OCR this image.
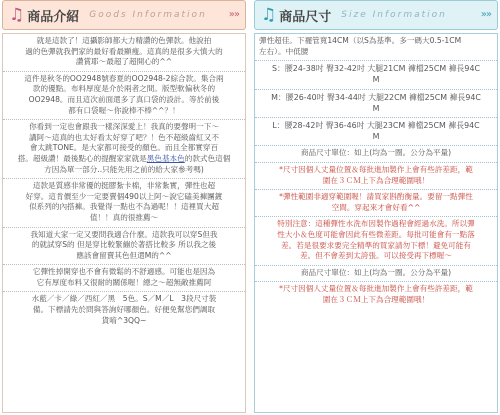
♫ 商品介紹 Goods Information »»

就是這款了！這攝影師都大力精讚的色彈款。他說拍

過的色彈就我們家的最好看最顯瘦。這真的是很多大慎大的

讚賞耶～最超了超開心的^^

這件是秋冬的OO2948號春夏的OO2948-2綜合款。集合兩

款的優點。布料厚度是介於兩者之間。版型軟偏秋冬的

OO2948。而且這次前面還多了真口袋的設計。等於前後

都有口袋喔～你說棒不棒^^？！

你看到一定也會跟我一樣深深愛上！我真的要聲明一下～

講阿～這真的也太好看太好穿了吧？！色不超級齒紅又不

會太跳TONE。是大家都可接受的顏色。而且全都實穿百

搭。超級讚！最後點心的提醒家家就是黑色基本色的款式色這個

方因為單一部分..只能先用之前的給大家參考嗎)

這款是質感非常優的挺膠紮卡棉，非常紮實，彈性也超

好穿。這肯價至少一定要賣個490以上阿～說它磕美褲團鍍

似系列的內搭褲。我覺得一點也不為過呢！！這裡買大超

值！！真的很推薦～

我知道大家一定又要問我適合什麼。這款我可以穿S但我

的就試穿S的 但是穿比較緊繃於著搭比較多 所以我之後

應該會留賣其色但還M的^^

它彈性掉開穿也不會有微鬆的不舒適感。可能也是因為

它有厚度布料又很耐的關係喔！總之～超無敵推薦阿

水藍／卡／綠／西紅／黑　5色。S／M／L　3段尺寸裝

備。下標請先於問與答詢好哪顏色。好便免幫您們調取

貨唷^3QQ~

♫ 商品尺寸 Size Information	»»

彈性超佳。下襬管寬14CM（以S為基準。多一碼大0.5-1CM

左右）。中低腰

S：腰24-38吋 臀32-42吋 大腿21CM 褲檔25CM 褲長94C

M

M：腰26-40吋 臀34-44吋 大腿22CM 褲檔25CM 褲長94C

M

L：腰28-42吋 臀36-46吋 大腿23CM 褲檔25CM 褲長94C

M

商品尺寸單位：如上(均為一圈。公分為平量)

*尺寸因個人丈量位置＆每批進加製作上會有些許差距，範

圍在３ＣＭ上下為合理範圍哦！

*彈性範圍非適穿範圍喔！請買家斟酌衡量。要留一點彈性

空間。穿起來才會好看^^

特別注意：這種彈性水洗布因製作過程會經過水洗。所以彈

性大小＆色度可能會因此有些微差距。每批可能會有一點落

差。若是很要求要完全精準的買家請勿下標！避免可能有

差。但不會差到太誇張。可以接受再下標喔～

商品尺寸單位：如上(均為一圈。公分為平量)

*尺寸因個人丈量位置＆每批進加製作上會有些許差距，範

圍在３ＣＭ上下為合理範圍哦！
